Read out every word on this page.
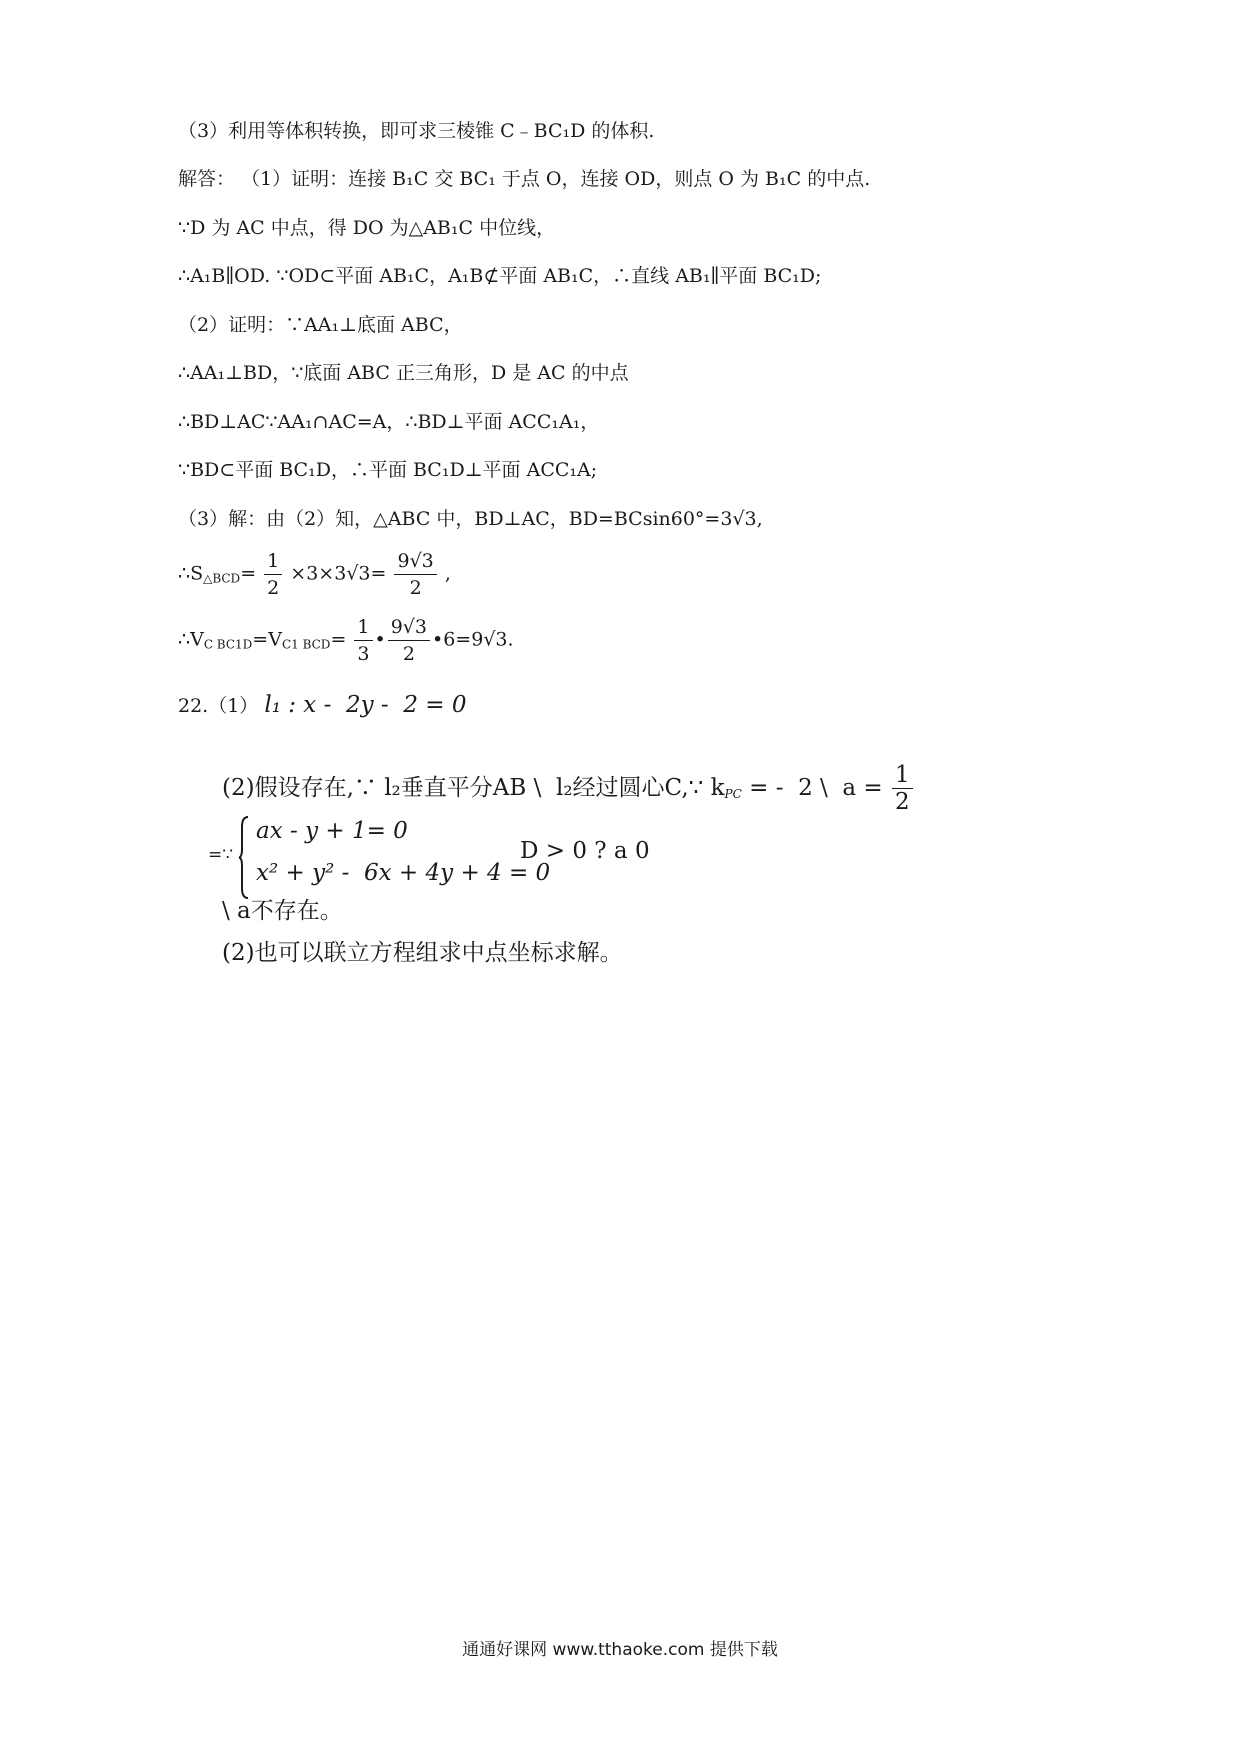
（3）利用等体积转换，即可求三棱锥 C﹣BC₁D 的体积.
解答： （1）证明：连接 B₁C 交 BC₁ 于点 O，连接 OD，则点 O 为 B₁C 的中点.
∵D 为 AC 中点，得 DO 为△AB₁C 中位线，
∴A₁B∥OD. ∵OD⊂平面 AB₁C，A₁B⊄平面 AB₁C，∴直线 AB₁∥平面 BC₁D;
（2）证明：∵AA₁⊥底面 ABC，
∴AA₁⊥BD，∵底面 ABC 正三角形，D 是 AC 的中点
∴BD⊥AC∵AA₁∩AC=A，∴BD⊥平面 ACC₁A₁，
∵BD⊂平面 BC₁D，∴平面 BC₁D⊥平面 ACC₁A;
（3）解：由（2）知，△ABC 中，BD⊥AC，BD=BCsin60°=3√3,
$\therefore S_{\triangle BCD}= \frac{1}{2} \times 3\times 3√3= \frac{9√3}{2}$ ,
$\therefore V_{C BC1D}=V_{C1 BCD}= \frac{1}{3}$ • $\frac{9√3}{2}$ •6=9√3.
22.（1） l₁ : x -  2y -  2 = 0
(2)假设存在,∵ l₂垂直平分AB \  l₂经过圆心C,∵ $k_{PC}$ = -  2 \  $a = \frac{1}{2}$
=∵
ax - y + 1= 0
x² + y² -  6x + 4y + 4 = 0
D > 0 ? a 0
\ a不存在。
(2)也可以联立方程组求中点坐标求解。
通通好课网 www.tthaoke.com 提供下载
